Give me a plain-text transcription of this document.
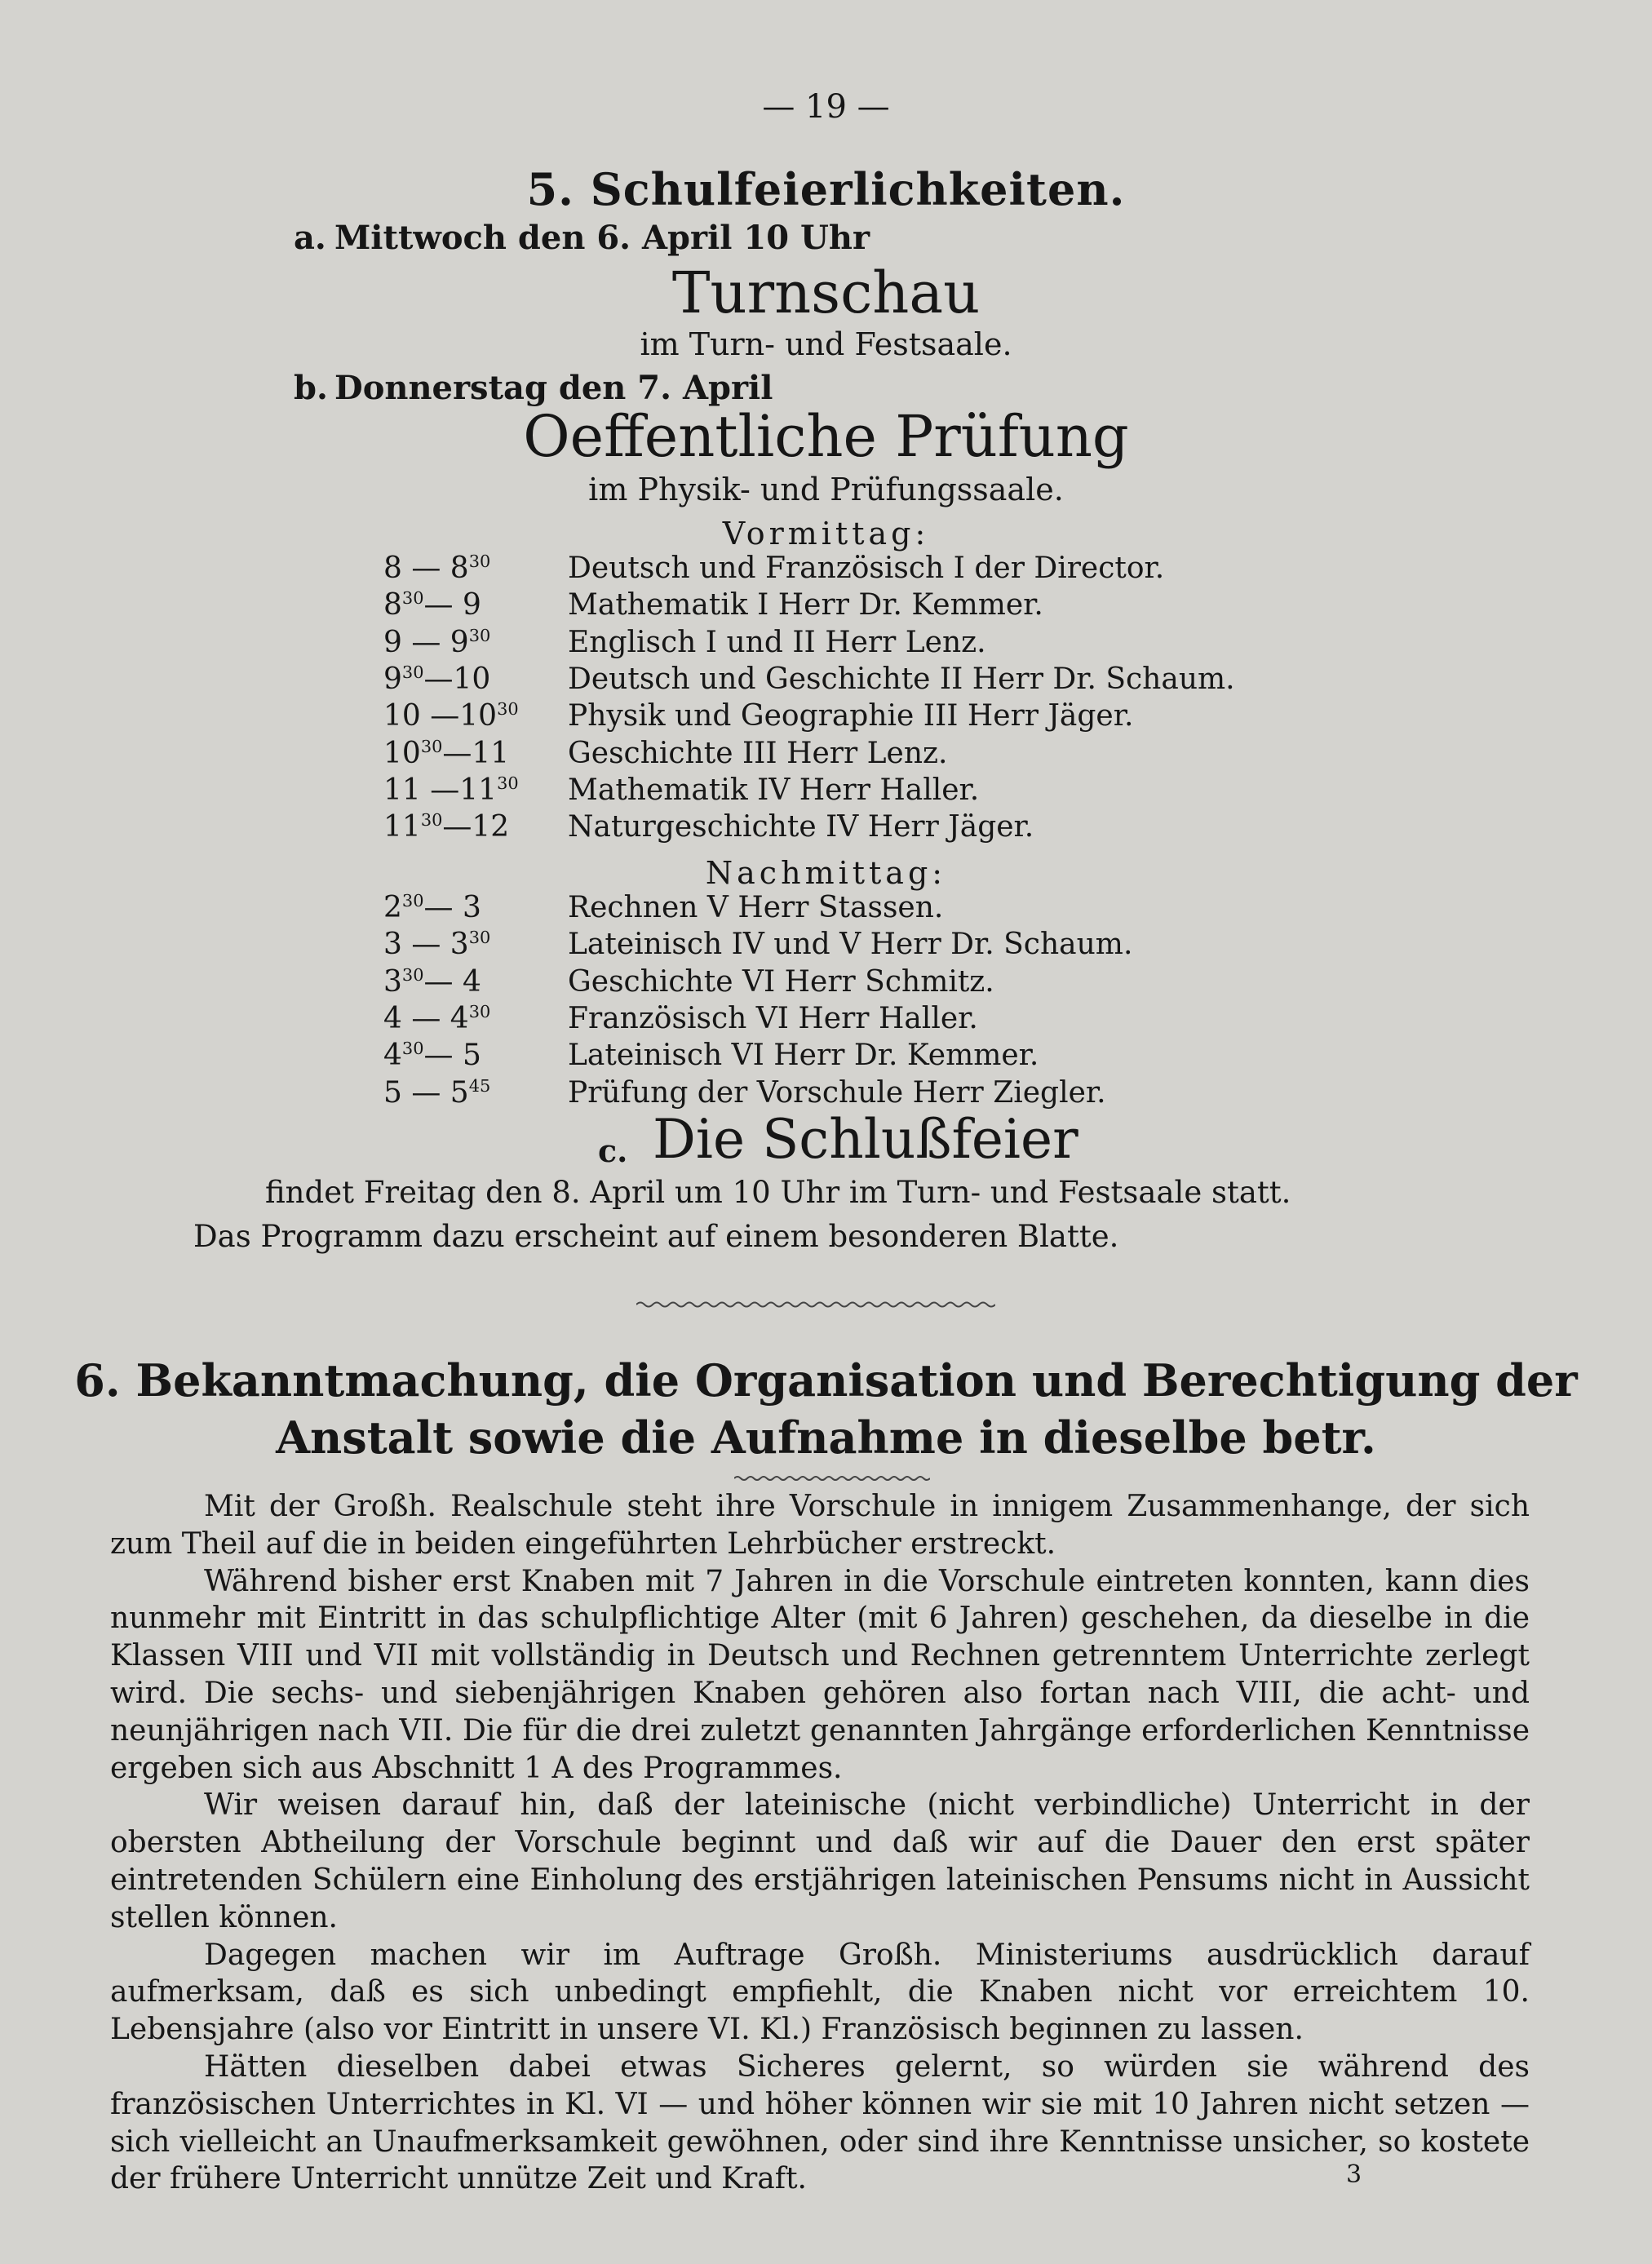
— 19 —
5. Schulfeierlichkeiten.
a. Mittwoch den 6. April 10 Uhr
Turnschau
im Turn- und Festsaale.
b. Donnerstag den 7. April
Oeffentliche Prüfung
im Physik- und Prüfungssaale.
Vormittag:
8 — $8^{30}$	Deutsch und Französisch I der Director.
$8^{30}—$ 9	Mathematik I Herr Dr. Kemmer.
9 — $9^{30}$	Englisch I und II Herr Lenz.
$9^{30}—10$	Deutsch und Geschichte II Herr Dr. Schaum.
10 $—10^{30}$ Physik und Geographie III Herr Jäger.
$10^{30}—11$ Geschichte III Herr Lenz.
11 $—11^{30}$ Mathematik IV Herr Haller.
$11^{30}—12$ Naturgeschichte IV Herr Jäger.
Nachmittag:
$2^{30}—$ 3	Rechnen V Herr Stassen.
3 — $3^{30}$	Lateinisch IV und V Herr Dr. Schaum.
$3^{30}—$ 4	Geschichte VI Herr Schmitz.
4 — $4^{30}$	Französisch VI Herr Haller.
$4^{30}—$ 5	Lateinisch VI Herr Dr. Kemmer.
5 — $5^{45}$	Prüfung der Vorschule Herr Ziegler.
c. Die Schlußfeier
findet Freitag den 8. April um 10 Uhr im Turn- und Festsaale statt.
Das Programm dazu erscheint auf einem besonderen Blatte.
6. Bekanntmachung, die Organisation und Berechtigung der
Anstalt sowie die Aufnahme in dieselbe betr.

Mit der Großh. Realschule steht ihre Vorschule in innigem Zusammenhange, der sich zum Theil auf die in beiden eingeführten Lehrbücher erstreckt.

Während bisher erst Knaben mit 7 Jahren in die Vorschule eintreten konnten, kann dies nunmehr mit Eintritt in das schulpflichtige Alter (mit 6 Jahren) geschehen, da dieselbe in die Klassen VIII und VII mit vollständig in Deutsch und Rechnen getrenntem Unterrichte zerlegt wird. Die sechs- und siebenjährigen Knaben gehören also fortan nach VIII, die acht- und neunjährigen nach VII. Die für die drei zuletzt genannten Jahrgänge erforderlichen Kenntnisse ergeben sich aus Abschnitt 1 A des Programmes.

Wir weisen darauf hin, daß der lateinische (nicht verbindliche) Unterricht in der obersten Abtheilung der Vorschule beginnt und daß wir auf die Dauer den erst später eintretenden Schülern eine Einholung des erstjährigen lateinischen Pensums nicht in Aussicht stellen können.

Dagegen machen wir im Auftrage Großh. Ministeriums ausdrücklich darauf aufmerksam, daß es sich unbedingt empfiehlt, die Knaben nicht vor erreichtem 10. Lebensjahre (also vor Eintritt in unsere VI. Kl.) Französisch beginnen zu lassen.

Hätten dieselben dabei etwas Sicheres gelernt, so würden sie während des französischen Unterrichtes in Kl. VI — und höher können wir sie mit 10 Jahren nicht setzen — sich vielleicht an Unaufmerksamkeit gewöhnen, oder sind ihre Kenntnisse unsicher, so kostete der frühere Unterricht unnütze Zeit und Kraft.	3
